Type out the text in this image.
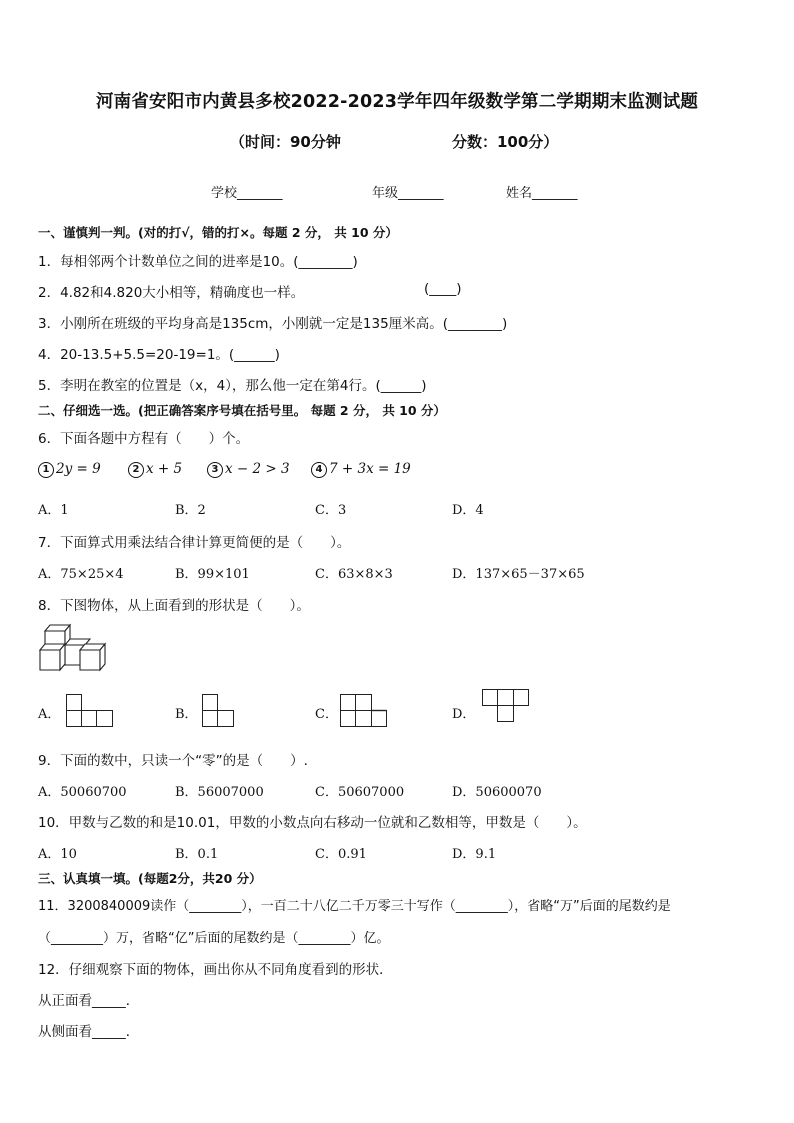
河南省安阳市内黄县多校2022-2023学年四年级数学第二学期期末监测试题
（时间：90分钟	分数：100分）
学校_______	年级_______	姓名_______
一、谨慎判一判。(对的打√，错的打×。每题 2 分， 共 10 分）
1．每相邻两个计数单位之间的进率是10。(________)
2．4.82和4.820大小相等，精确度也一样。	(____)
3．小刚所在班级的平均身高是135cm，小刚就一定是135厘米高。(________)
4．20-13.5+5.5=20-19=1。(______)
5．李明在教室的位置是（x，4），那么他一定在第4行。(______)
二、仔细选一选。(把正确答案序号填在括号里。 每题 2 分， 共 10 分）
6．下面各题中方程有（　　）个。
1 2y = 9	2 x + 5	3 x − 2 > 3	4 7 + 3x = 19
A．1	B．2	C．3	D．4
7．下面算式用乘法结合律计算更简便的是（　　）。
A．75×25×4	B．99×101	C．63×8×3	D．137×65－37×65
8．下图物体，从上面看到的形状是（　　）。
A．	B．	C．	D．
9．下面的数中，只读一个“零”的是（　　）.
A．50060700	B．56007000	C．50607000	D．50600070
10．甲数与乙数的和是10.01，甲数的小数点向右移动一位就和乙数相等，甲数是（　　）。
A．10	B．0.1	C．0.91	D．9.1
三、认真填一填。(每题2分，共20 分）
11．3200840009读作（________），一百二十八亿二千万零三十写作（________），省略“万”后面的尾数约是
（________）万，省略“亿”后面的尾数约是（________）亿。
12．仔细观察下面的物体，画出你从不同角度看到的形状．
从正面看_____．
从侧面看_____．
